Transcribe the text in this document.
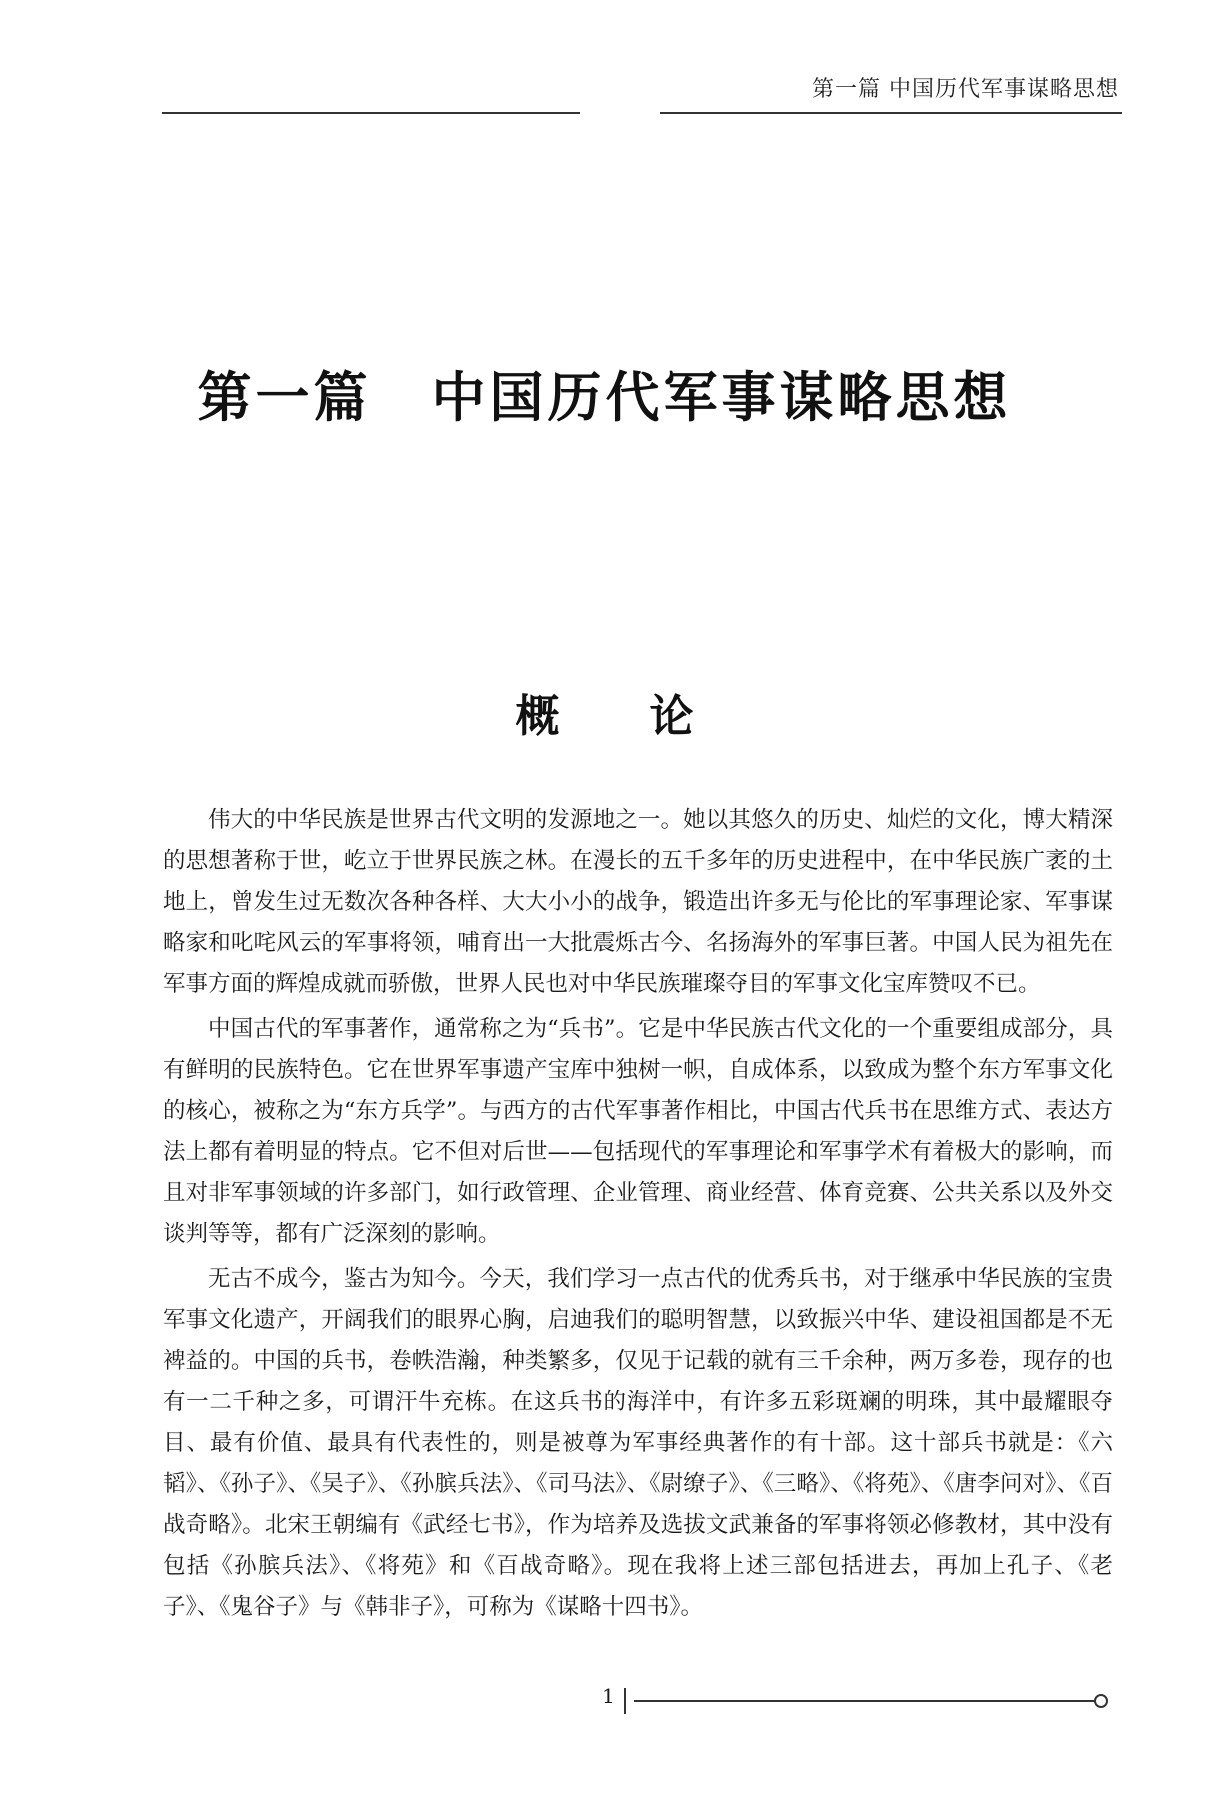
第一篇 中国历代军事谋略思想
第一篇 中国历代军事谋略思想
概 论

伟大的中华民族是世界古代文明的发源地之一。她以其悠久的历史、灿烂的文化，博大精深的思想著称于世，屹立于世界民族之林。在漫长的五千多年的历史进程中，在中华民族广袤的土地上，曾发生过无数次各种各样、大大小小的战争，锻造出许多无与伦比的军事理论家、军事谋略家和叱咤风云的军事将领，哺育出一大批震烁古今、名扬海外的军事巨著。中国人民为祖先在军事方面的辉煌成就而骄傲，世界人民也对中华民族璀璨夺目的军事文化宝库赞叹不已。

中国古代的军事著作，通常称之为“兵书”。它是中华民族古代文化的一个重要组成部分，具有鲜明的民族特色。它在世界军事遗产宝库中独树一帜，自成体系，以致成为整个东方军事文化的核心，被称之为“东方兵学”。与西方的古代军事著作相比，中国古代兵书在思维方式、表达方法上都有着明显的特点。它不但对后世——包括现代的军事理论和军事学术有着极大的影响，而且对非军事领域的许多部门，如行政管理、企业管理、商业经营、体育竞赛、公共关系以及外交谈判等等，都有广泛深刻的影响。

无古不成今，鉴古为知今。今天，我们学习一点古代的优秀兵书，对于继承中华民族的宝贵军事文化遗产，开阔我们的眼界心胸，启迪我们的聪明智慧，以致振兴中华、建设祖国都是不无裨益的。中国的兵书，卷帙浩瀚，种类繁多，仅见于记载的就有三千余种，两万多卷，现存的也有一二千种之多，可谓汗牛充栋。在这兵书的海洋中，有许多五彩斑斓的明珠，其中最耀眼夺目、最有价值、最具有代表性的，则是被尊为军事经典著作的有十部。这十部兵书就是：《六韬》、《孙子》、《吴子》、《孙膑兵法》、《司马法》、《尉缭子》、《三略》、《将苑》、《唐李问对》、《百战奇略》。北宋王朝编有《武经七书》，作为培养及选拔文武兼备的军事将领必修教材，其中没有包括《孙膑兵法》、《将苑》和《百战奇略》。现在我将上述三部包括进去，再加上孔子、《老子》、《鬼谷子》与《韩非子》，可称为《谋略十四书》。

1
